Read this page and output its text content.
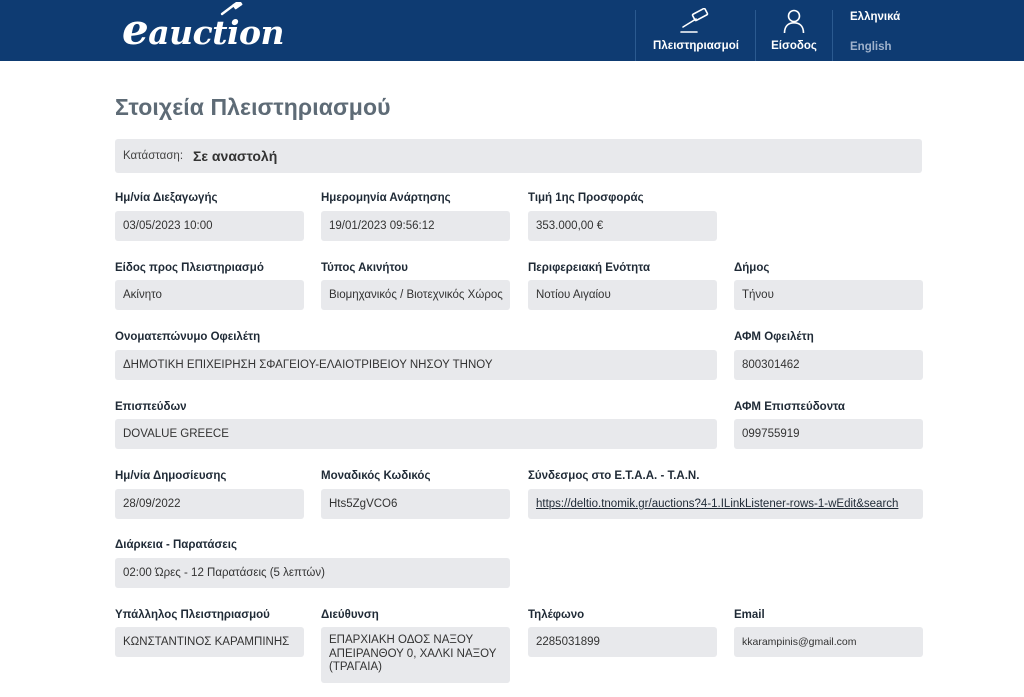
eauction	Πλειστηριασμοί	Είσοδος
Ελληνικά
English
Στοιχεία Πλειστηριασμού
Κατάσταση: Σε αναστολή
Ημ/νία Διεξαγωγής
03/05/2023 10:00
Ημερομηνία Ανάρτησης
19/01/2023 09:56:12
Τιμή 1ης Προσφοράς
353.000,00 €
Είδος προς Πλειστηριασμό
Ακίνητο
Τύπος Ακινήτου
Βιομηχανικός / Βιοτεχνικός Χώρος
Περιφερειακή Ενότητα
Νοτίου Αιγαίου
Δήμος
Τήνου
Ονοματεπώνυμο Οφειλέτη
ΔΗΜΟΤΙΚΗ ΕΠΙΧΕΙΡΗΣΗ ΣΦΑΓΕΙΟΥ-ΕΛΑΙΟΤΡΙΒΕΙΟΥ ΝΗΣΟΥ ΤΗΝΟΥ
ΑΦΜ Οφειλέτη
800301462
Επισπεύδων
DOVALUE GREECE
ΑΦΜ Επισπεύδοντα
099755919
Ημ/νία Δημοσίευσης
28/09/2022
Μοναδικός Κωδικός
Hts5ZgVCO6
Σύνδεσμος στο Ε.Τ.Α.Α. - Τ.Α.Ν.
https://deltio.tnomik.gr/auctions?4-1.ILinkListener-rows-1-wEdit&search
Διάρκεια - Παρατάσεις
02:00 Ώρες - 12 Παρατάσεις (5 λεπτών)
Υπάλληλος Πλειστηριασμού
ΚΩΝΣΤΑΝΤΙΝΟΣ ΚΑΡΑΜΠΙΝΗΣ
Διεύθυνση
ΕΠΑΡΧΙΑΚΗ ΟΔΟΣ ΝΑΞΟΥ ΑΠΕΙΡΑΝΘΟΥ 0, ΧΑΛΚΙ ΝΑΞΟΥ (ΤΡΑΓΑΙΑ)
Τηλέφωνο
2285031899
Email
kkarampinis@gmail.com
